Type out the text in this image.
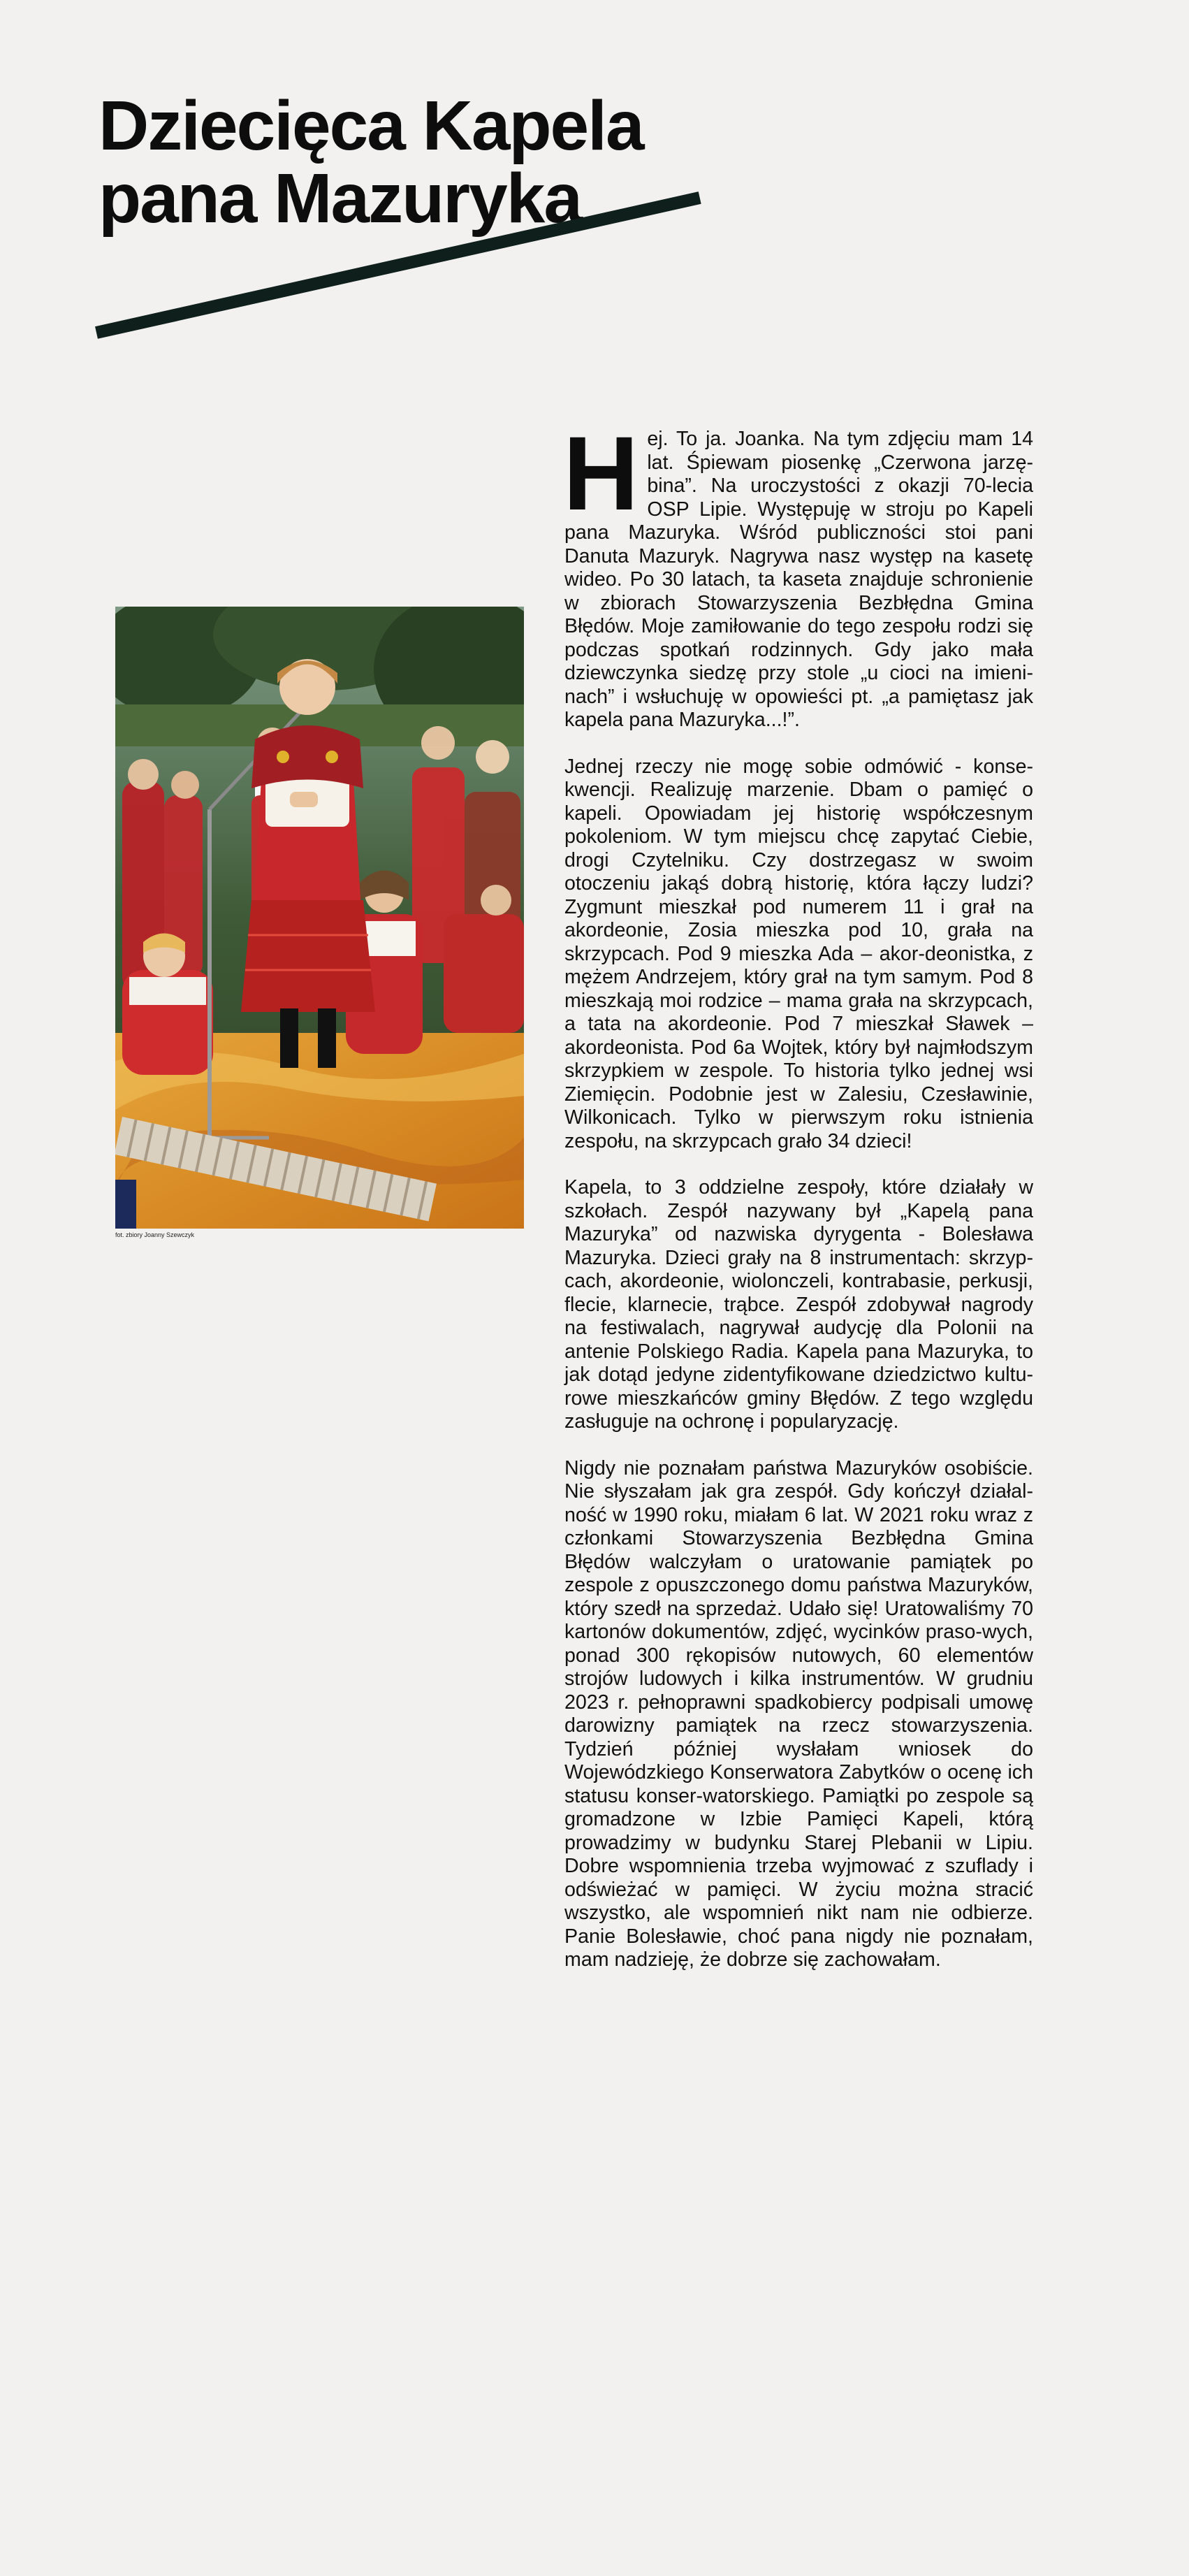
Dziecięca Kapela
pana Mazuryka
fot. zbiory Joanny Szewczyk

H ej. To ja. Joanka. Na tym zdjęciu mam 14 lat. Śpiewam piosenkę „Czerwona jarzę-bina”. Na uroczystości z okazji 70-lecia OSP Lipie. Występuję w stroju po Kapeli pana Mazuryka. Wśród publiczności stoi pani Danuta Mazuryk. Nagrywa nasz występ na kasetę wideo. Po 30 latach, ta kaseta znajduje schronienie w zbiorach Stowarzyszenia Bezbłędna Gmina Błędów. Moje zamiłowanie do tego zespołu rodzi się podczas spotkań rodzinnych. Gdy jako mała dziewczynka siedzę przy stole „u cioci na imieni-nach” i wsłuchuję w opowieści pt. „a pamiętasz jak kapela pana Mazuryka...!”.

Jednej rzeczy nie mogę sobie odmówić - konse-kwencji. Realizuję marzenie. Dbam o pamięć o kapeli. Opowiadam jej historię współczesnym pokoleniom. W tym miejscu chcę zapytać Ciebie, drogi Czytelniku. Czy dostrzegasz w swoim otoczeniu jakąś dobrą historię, która łączy ludzi? Zygmunt mieszkał pod numerem 11 i grał na akordeonie, Zosia mieszka pod 10, grała na skrzypcach. Pod 9 mieszka Ada – akor-deonistka, z mężem Andrzejem, który grał na tym samym. Pod 8 mieszkają moi rodzice – mama grała na skrzypcach, a tata na akordeonie. Pod 7 mieszkał Sławek – akordeonista. Pod 6a Wojtek, który był najmłodszym skrzypkiem w zespole. To historia tylko jednej wsi Ziemięcin. Podobnie jest w Zalesiu, Czesławinie, Wilkonicach. Tylko w pierwszym roku istnienia zespołu, na skrzypcach grało 34 dzieci!

Kapela, to 3 oddzielne zespoły, które działały w szkołach. Zespół nazywany był „Kapelą pana Mazuryka” od nazwiska dyrygenta - Bolesława Mazuryka. Dzieci grały na 8 instrumentach: skrzyp-cach, akordeonie, wiolonczeli, kontrabasie, perkusji, flecie, klarnecie, trąbce. Zespół zdobywał nagrody na festiwalach, nagrywał audycję dla Polonii na antenie Polskiego Radia. Kapela pana Mazuryka, to jak dotąd jedyne zidentyfikowane dziedzictwo kultu-rowe mieszkańców gminy Błędów. Z tego względu zasługuje na ochronę i popularyzację.

Nigdy nie poznałam państwa Mazuryków osobiście. Nie słyszałam jak gra zespół. Gdy kończył działal-ność w 1990 roku, miałam 6 lat. W 2021 roku wraz z członkami Stowarzyszenia Bezbłędna Gmina Błędów walczyłam o uratowanie pamiątek po zespole z opuszczonego domu państwa Mazuryków, który szedł na sprzedaż. Udało się! Uratowaliśmy 70 kartonów dokumentów, zdjęć, wycinków praso-wych, ponad 300 rękopisów nutowych, 60 elementów strojów ludowych i kilka instrumentów. W grudniu 2023 r. pełnoprawni spadkobiercy podpisali umowę darowizny pamiątek na rzecz stowarzyszenia. Tydzień później wysłałam wniosek do Wojewódzkiego Konserwatora Zabytków o ocenę ich statusu konser-watorskiego. Pamiątki po zespole są gromadzone w Izbie Pamięci Kapeli, którą prowadzimy w budynku Starej Plebanii w Lipiu. Dobre wspomnienia trzeba wyjmować z szuflady i odświeżać w pamięci. W życiu można stracić wszystko, ale wspomnień nikt nam nie odbierze. Panie Bolesławie, choć pana nigdy nie poznałam, mam nadzieję, że dobrze się zachowałam.
